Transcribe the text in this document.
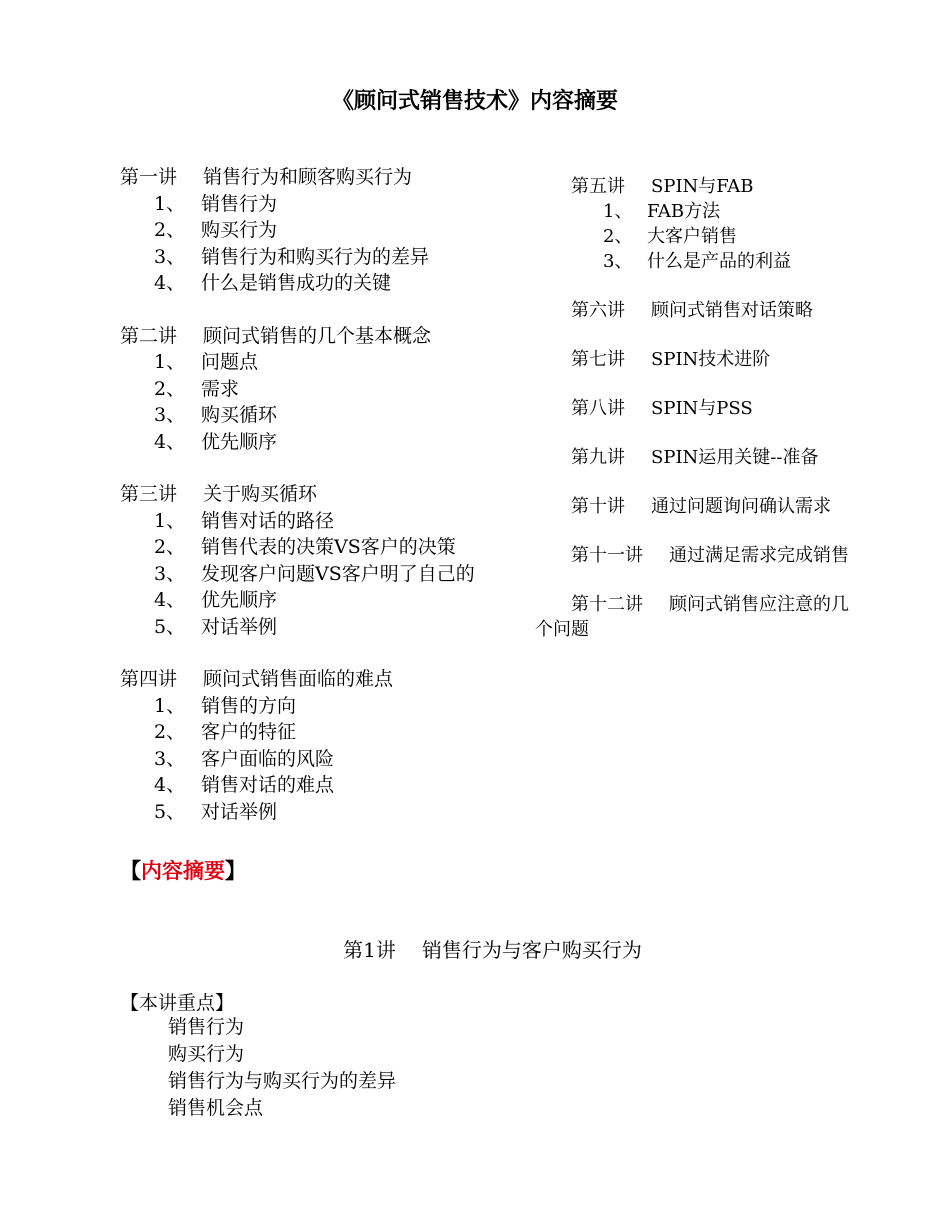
《顾问式销售技术》内容摘要
第一讲 销售行为和顾客购买行为
1、 销售行为
2、 购买行为
3、 销售行为和购买行为的差异
4、 什么是销售成功的关键
第二讲 顾问式销售的几个基本概念
1、 问题点
2、 需求
3、 购买循环
4、 优先顺序
第三讲 关于购买循环
1、 销售对话的路径
2、 销售代表的决策VS客户的决策
3、 发现客户问题VS客户明了自己的
4、 优先顺序
5、 对话举例
第四讲 顾问式销售面临的难点
1、 销售的方向
2、 客户的特征
3、 客户面临的风险
4、 销售对话的难点
5、 对话举例
第五讲 SPIN与FAB
1、 FAB方法
2、 大客户销售
3、 什么是产品的利益
第六讲 顾问式销售对话策略
第七讲 SPIN技术进阶
第八讲 SPIN与PSS
第九讲 SPIN运用关键--准备
第十讲 通过问题询问确认需求
第十一讲 通过满足需求完成销售
第十二讲 顾问式销售应注意的几个问题
【内容摘要】
第1讲 销售行为与客户购买行为
【本讲重点】
销售行为
购买行为
销售行为与购买行为的差异
销售机会点
